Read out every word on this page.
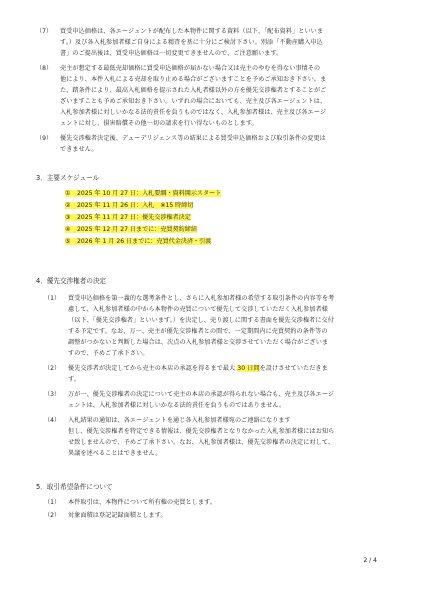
（7） 買受申込価格は、各エージェントが配布した本物件に関する資料（以下、「配布資料」といいま
す。）及び各入札参加者様ご自身による精査を基に十分にご検討下さい。別添「不動産購入申込
書」のご提出後は、買受申込価格は一切変更できませんので、ご注意願います。
（8） 売主が想定する最低売却価格に買受申込価格が届かない場合又は売主のやむを得ない事情その
他により、本件入札による売却を取り止める場合がございますことを予めご承知おき下さい。ま
た、踏条件により、最高入札価格を提示された入札者様以外の方を優先交渉権者とすることがご
ざいますことも予めご承知おき下さい。いずれの場合においても、売主及び各エージェントは、
入札参加者様に対しいかなる法的責任を負うものではなく、入札参加者様は、売主及び各エージ
ェントに対し、損害賠償その他一切の請求を行い得ないものとします。
（9） 優先交渉権者決定後、デューデリジェンス等の結果による買受申込価格および取引条件の変更は
できません。
3．主要スケジュール
① 2025 年 10 月 27 日：入札要綱・資料開示スタート
② 2025 年 11 月 26 日：入札　※15 時締切
③ 2025 年 11 月 27 日：優先交渉権者決定
④ 2025 年 12 月 27 日までに：売買契約締結
⑤ 2026 年 1 月 26 日までに：売買代金決済・引渡
4．優先交渉権者の決定
（1） 買受申込価格を第一義的な選考条件とし、さらに入札参加者様の希望する取引条件の内容等を考
慮して、入札参加者様の中から本物件の売買について優先して交渉していただく入札参加者様
（以下、「優先交渉権者」といいます。）を決定し、売り渡しに関する書面を優先交渉権者に交付
する予定です。なお、万一、売主が優先交渉権者との間で、一定期間内に売買契約の条件等の
調整がつかないと判断した場合は、次点の入札参加者様と交渉させていただく場合がございま
すので、予めご了承下さい。
（2） 優先交渉者が決定してから売主の本店の承認を得るまで最大 30 日間を設けさせていただきま
す。
（3） 万が一、優先交渉権者の決定について売主の本店の承認が得られない場合も、売主及び各エージ
ェントは、入札参加者様に対しいかなる法的責任を負うものではありません。
（4） 入札結果の通知は、各エージェントを通じ各入札参加者様宛のご連絡になります
但し、優先交渉権者を特定できる情報は、優先交渉権者となりなかった入札参加者様にはお知ら
せ致しませんので、予めご了承下さい。なお、入札参加者様は、優先交渉権者の決定に対して、
異議を述べることはできません。
5．取引希望条件について
（1） 本件取引は、本物件について所有権の売買とします。
（2） 対象面積は登記記録面積とします。
2 / 4
